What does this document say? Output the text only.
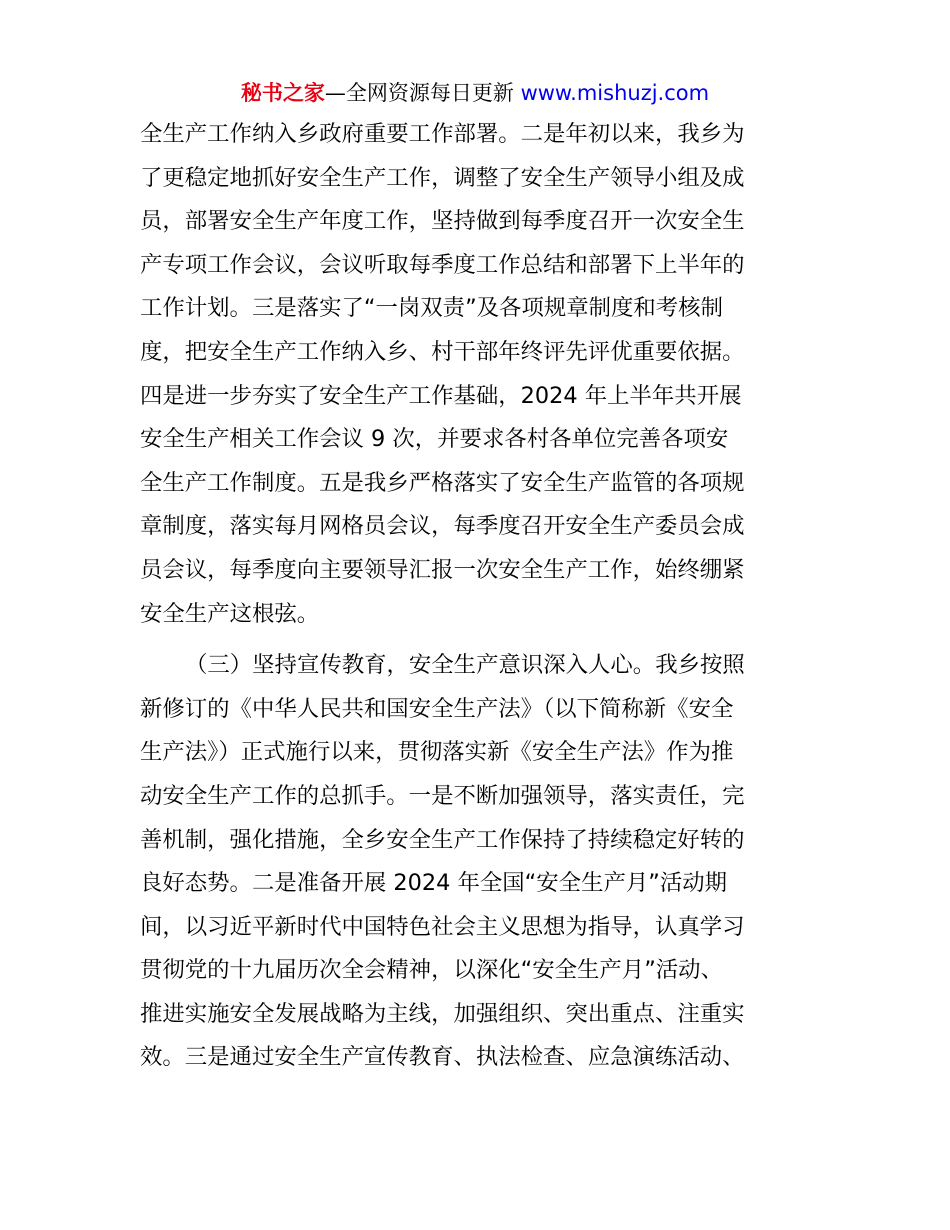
秘书之家—全网资源每日更新 www.mishuzj.com
全生产工作纳入乡政府重要工作部署。二是年初以来，我乡为
了更稳定地抓好安全生产工作，调整了安全生产领导小组及成
员，部署安全生产年度工作，坚持做到每季度召开一次安全生
产专项工作会议，会议听取每季度工作总结和部署下上半年的
工作计划。三是落实了“一岗双责”及各项规章制度和考核制
度，把安全生产工作纳入乡、村干部年终评先评优重要依据。
四是进一步夯实了安全生产工作基础，2024 年上半年共开展
安全生产相关工作会议 9 次，并要求各村各单位完善各项安
全生产工作制度。五是我乡严格落实了安全生产监管的各项规
章制度，落实每月网格员会议，每季度召开安全生产委员会成
员会议，每季度向主要领导汇报一次安全生产工作，始终绷紧
安全生产这根弦。
（三）坚持宣传教育，安全生产意识深入人心。我乡按照
新修订的《中华人民共和国安全生产法》（以下简称新《安全
生产法》）正式施行以来，贯彻落实新《安全生产法》作为推
动安全生产工作的总抓手。一是不断加强领导，落实责任，完
善机制，强化措施，全乡安全生产工作保持了持续稳定好转的
良好态势。二是准备开展 2024 年全国“安全生产月”活动期
间，以习近平新时代中国特色社会主义思想为指导，认真学习
贯彻党的十九届历次全会精神，以深化“安全生产月”活动、
推进实施安全发展战略为主线，加强组织、突出重点、注重实
效。三是通过安全生产宣传教育、执法检查、应急演练活动、
